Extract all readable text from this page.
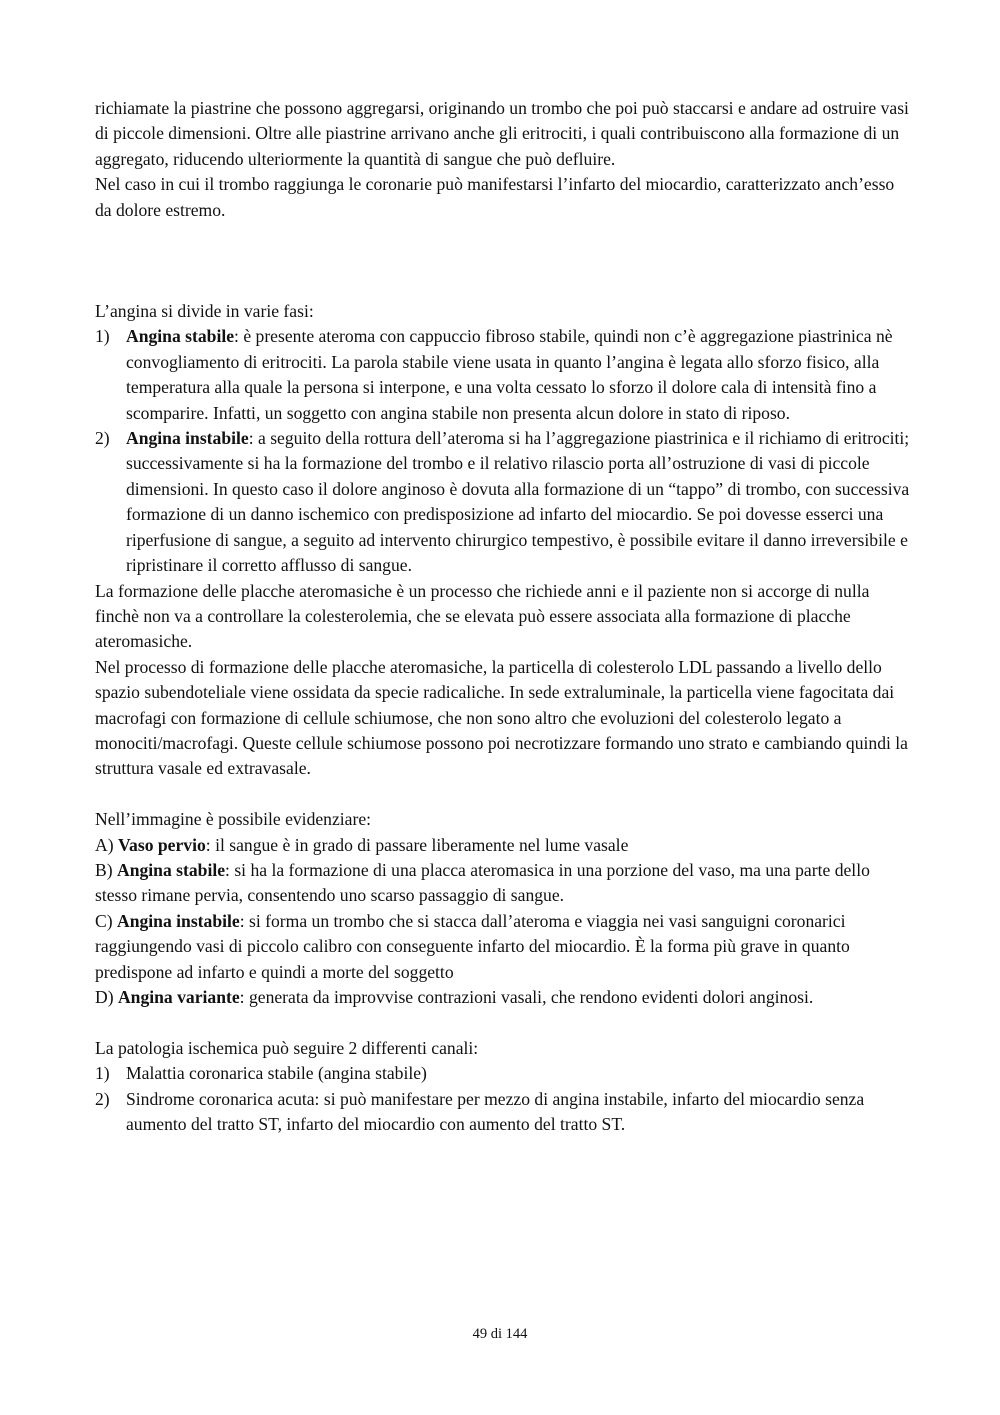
richiamate la piastrine che possono aggregarsi, originando un trombo che poi può staccarsi e andare ad ostruire vasi di piccole dimensioni. Oltre alle piastrine arrivano anche gli eritrociti, i quali contribuiscono alla formazione di un aggregato, riducendo ulteriormente la quantità di sangue che può defluire.

Nel caso in cui il trombo raggiunga le coronarie può manifestarsi l’infarto del miocardio, caratterizzato anch’esso da dolore estremo.

L’angina si divide in varie fasi:

1) Angina stabile: è presente ateroma con cappuccio fibroso stabile, quindi non c’è aggregazione piastrinica nè convogliamento di eritrociti. La parola stabile viene usata in quanto l’angina è legata allo sforzo fisico, alla temperatura alla quale la persona si interpone, e una volta cessato lo sforzo il dolore cala di intensità fino a scomparire. Infatti, un soggetto con angina stabile non presenta alcun dolore in stato di riposo.
2) Angina instabile: a seguito della rottura dell’ateroma si ha l’aggregazione piastrinica e il richiamo di eritrociti; successivamente si ha la formazione del trombo e il relativo rilascio porta all’ostruzione di vasi di piccole dimensioni. In questo caso il dolore anginoso è dovuta alla formazione di un “tappo” di trombo, con successiva formazione di un danno ischemico con predisposizione ad infarto del miocardio. Se poi dovesse esserci una riperfusione di sangue, a seguito ad intervento chirurgico tempestivo, è possibile evitare il danno irreversibile e ripristinare il corretto afflusso di sangue.

La formazione delle placche ateromasiche è un processo che richiede anni e il paziente non si accorge di nulla finchè non va a controllare la colesterolemia, che se elevata può essere associata alla formazione di placche ateromasiche.

Nel processo di formazione delle placche ateromasiche, la particella di colesterolo LDL passando a livello dello spazio subendoteliale viene ossidata da specie radicaliche. In sede extraluminale, la particella viene fagocitata dai macrofagi con formazione di cellule schiumose, che non sono altro che evoluzioni del colesterolo legato a monociti/macrofagi. Queste cellule schiumose possono poi necrotizzare formando uno strato e cambiando quindi la struttura vasale ed extravasale.

Nell’immagine è possibile evidenziare:

A) Vaso pervio: il sangue è in grado di passare liberamente nel lume vasale

B) Angina stabile: si ha la formazione di una placca ateromasica in una porzione del vaso, ma una parte dello stesso rimane pervia, consentendo uno scarso passaggio di sangue.

C) Angina instabile: si forma un trombo che si stacca dall’ateroma e viaggia nei vasi sanguigni coronarici raggiungendo vasi di piccolo calibro con conseguente infarto del miocardio. È la forma più grave in quanto predispone ad infarto e quindi a morte del soggetto

D) Angina variante: generata da improvvise contrazioni vasali, che rendono evidenti dolori anginosi.

La patologia ischemica può seguire 2 differenti canali:

1) Malattia coronarica stabile (angina stabile)
2) Sindrome coronarica acuta: si può manifestare per mezzo di angina instabile, infarto del miocardio senza aumento del tratto ST, infarto del miocardio con aumento del tratto ST.
49 di 144
